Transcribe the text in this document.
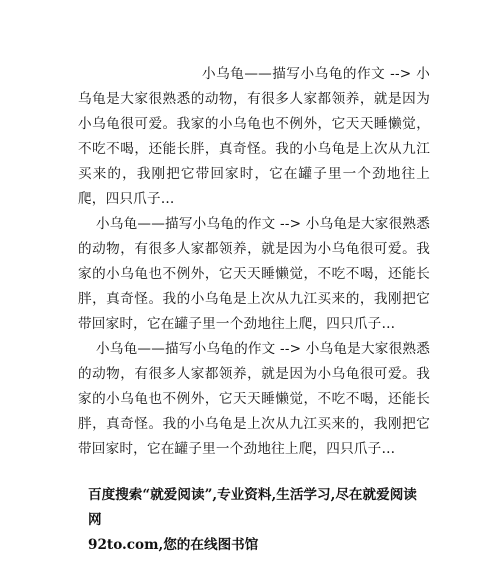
小乌龟——描写小乌龟的作文 --> 小乌龟是大家很熟悉的动物，有很多人家都领养，就是因为小乌龟很可爱。我家的小乌龟也不例外，它天天睡懒觉，不吃不喝，还能长胖，真奇怪。我的小乌龟是上次从九江买来的，我刚把它带回家时，它在罐子里一个劲地往上爬，四只爪子…

小乌龟——描写小乌龟的作文 --> 小乌龟是大家很熟悉的动物，有很多人家都领养，就是因为小乌龟很可爱。我家的小乌龟也不例外，它天天睡懒觉，不吃不喝，还能长胖，真奇怪。我的小乌龟是上次从九江买来的，我刚把它带回家时，它在罐子里一个劲地往上爬，四只爪子…

小乌龟——描写小乌龟的作文 --> 小乌龟是大家很熟悉的动物，有很多人家都领养，就是因为小乌龟很可爱。我家的小乌龟也不例外，它天天睡懒觉，不吃不喝，还能长胖，真奇怪。我的小乌龟是上次从九江买来的，我刚把它带回家时，它在罐子里一个劲地往上爬，四只爪子…

百度搜索“就爱阅读”,专业资料,生活学习,尽在就爱阅读网
92to.com,您的在线图书馆
